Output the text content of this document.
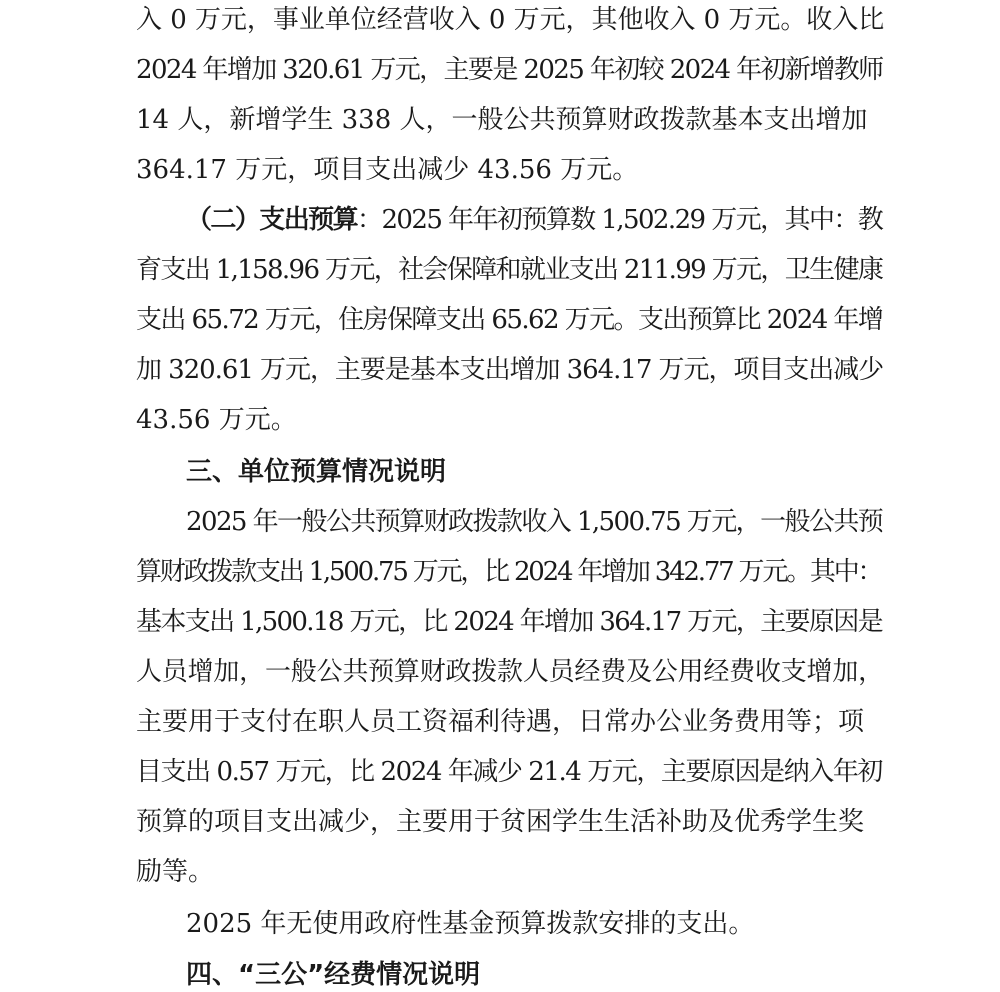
入 0 万元，事业单位经营收入 0 万元，其他收入 0 万元。收入比
2024 年增加 320.61 万元，主要是 2025 年初较 2024 年初新增教师
14 人，新增学生 338 人，一般公共预算财政拨款基本支出增加
364.17 万元，项目支出减少 43.56 万元。
（二）支出预算：2025 年年初预算数 1,502.29 万元，其中：教
育支出 1,158.96 万元，社会保障和就业支出 211.99 万元，卫生健康
支出 65.72 万元，住房保障支出 65.62 万元。支出预算比 2024 年增
加 320.61 万元，主要是基本支出增加 364.17 万元，项目支出减少
43.56 万元。
三、单位预算情况说明
2025 年一般公共预算财政拨款收入 1,500.75 万元，一般公共预
算财政拨款支出 1,500.75 万元，比 2024 年增加 342.77 万元。其中：
基本支出 1,500.18 万元，比 2024 年增加 364.17 万元，主要原因是
人员增加，一般公共预算财政拨款人员经费及公用经费收支增加，
主要用于支付在职人员工资福利待遇，日常办公业务费用等；项
目支出 0.57 万元，比 2024 年减少 21.4 万元，主要原因是纳入年初
预算的项目支出减少，主要用于贫困学生生活补助及优秀学生奖
励等。
2025 年无使用政府性基金预算拨款安排的支出。
四、“三公”经费情况说明
